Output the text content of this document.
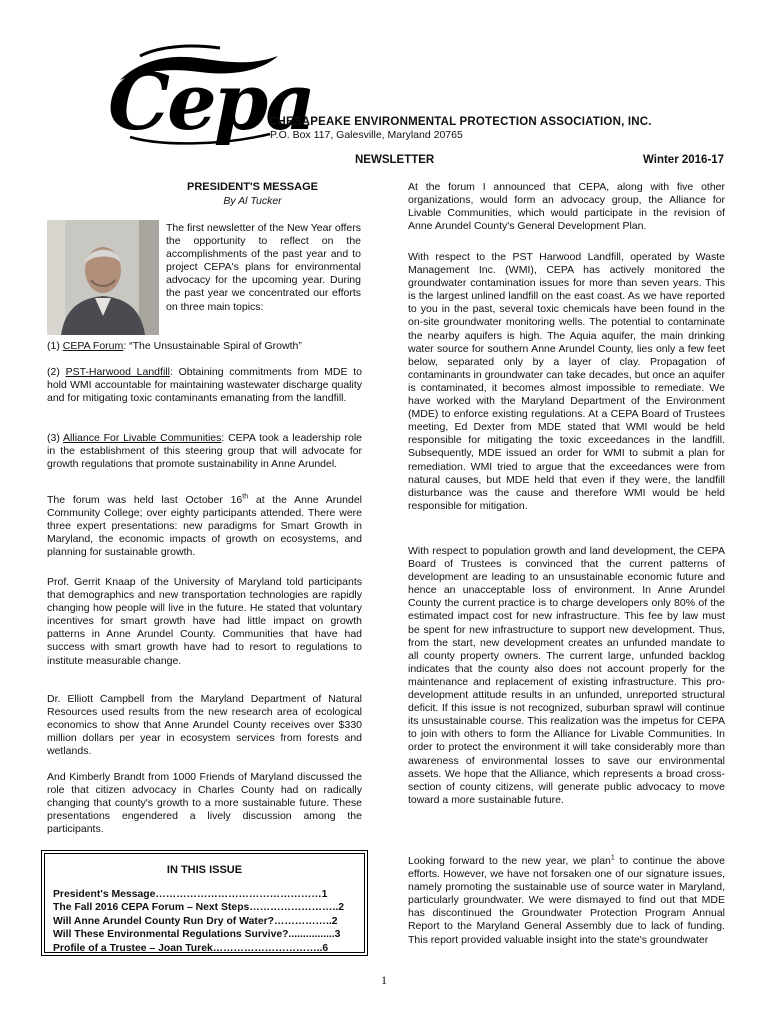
Cepa
CHESAPEAKE ENVIRONMENTAL PROTECTION ASSOCIATION, INC.
P.O. Box 117, Galesville, Maryland 20765
NEWSLETTER	Winter 2016-17
PRESIDENT'S MESSAGE
By Al Tucker

The first newsletter of the New Year offers the opportunity to reflect on the accomplishments of the past year and to project CEPA's plans for environmental advocacy for the upcoming year. During the past year we concentrated our efforts on three main topics:

(1) CEPA Forum: “The Unsustainable Spiral of Growth”

(2) PST-Harwood Landfill: Obtaining commitments from MDE to hold WMI accountable for maintaining wastewater discharge quality and for mitigating toxic contaminants emanating from the landfill.

(3) Alliance For Livable Communities: CEPA took a leadership role in the establishment of this steering group that will advocate for growth regulations that promote sustainability in Anne Arundel.

The forum was held last October 16th at the Anne Arundel Community College; over eighty participants attended. There were three expert presentations: new paradigms for Smart Growth in Maryland, the economic impacts of growth on ecosystems, and planning for sustainable growth.

Prof. Gerrit Knaap of the University of Maryland told participants that demographics and new transportation technologies are rapidly changing how people will live in the future. He stated that voluntary incentives for smart growth have had little impact on growth patterns in Anne Arundel County. Communities that have had success with smart growth have had to resort to regulations to institute measurable change.

Dr. Elliott Campbell from the Maryland Department of Natural Resources used results from the new research area of ecological economics to show that Anne Arundel County receives over $330 million dollars per year in ecosystem services from forests and wetlands.

And Kimberly Brandt from 1000 Friends of Maryland discussed the role that citizen advocacy in Charles County had on radically changing that county's growth to a more sustainable future. These presentations engendered a lively discussion among the participants.

IN THIS ISSUE
President's Message…………………………………………1
The Fall 2016 CEPA Forum – Next Steps……………………..2
Will Anne Arundel County Run Dry of Water?……………..2
Will These Environmental Regulations Survive?................3
Profile of a Trustee – Joan Turek…………………………..6

At the forum I announced that CEPA, along with five other organizations, would form an advocacy group, the Alliance for Livable Communities, which would participate in the revision of Anne Arundel County's General Development Plan.

With respect to the PST Harwood Landfill, operated by Waste Management Inc. (WMI), CEPA has actively monitored the groundwater contamination issues for more than seven years. This is the largest unlined landfill on the east coast. As we have reported to you in the past, several toxic chemicals have been found in the on-site groundwater monitoring wells. The potential to contaminate the nearby aquifers is high. The Aquia aquifer, the main drinking water source for southern Anne Arundel County, lies only a few feet below, separated only by a layer of clay. Propagation of contaminants in groundwater can take decades, but once an aquifer is contaminated, it becomes almost impossible to remediate. We have worked with the Maryland Department of the Environment (MDE) to enforce existing regulations. At a CEPA Board of Trustees meeting, Ed Dexter from MDE stated that WMI would be held responsible for mitigating the toxic exceedances in the landfill. Subsequently, MDE issued an order for WMI to submit a plan for remediation. WMI tried to argue that the exceedances were from natural causes, but MDE held that even if they were, the landfill disturbance was the cause and therefore WMI would be held responsible for mitigation.

With respect to population growth and land development, the CEPA Board of Trustees is convinced that the current patterns of development are leading to an unsustainable economic future and hence an unacceptable loss of environment. In Anne Arundel County the current practice is to charge developers only 80% of the estimated impact cost for new infrastructure. This fee by law must be spent for new infrastructure to support new development. Thus, from the start, new development creates an unfunded mandate to all county property owners. The current large, unfunded backlog indicates that the county also does not account properly for the maintenance and replacement of existing infrastructure. This pro-development attitude results in an unfunded, unreported structural deficit. If this issue is not recognized, suburban sprawl will continue its unsustainable course. This realization was the impetus for CEPA to join with others to form the Alliance for Livable Communities. In order to protect the environment it will take considerably more than awareness of environmental losses to save our environmental assets. We hope that the Alliance, which represents a broad cross-section of county citizens, will generate public advocacy to move toward a more sustainable future.

Looking forward to the new year, we plan$^1$ to continue the above efforts. However, we have not forsaken one of our signature issues, namely promoting the sustainable use of source water in Maryland, particularly groundwater. We were dismayed to find out that MDE has discontinued the Groundwater Protection Program Annual Report to the Maryland General Assembly due to lack of funding. This report provided valuable insight into the state's groundwater

1
